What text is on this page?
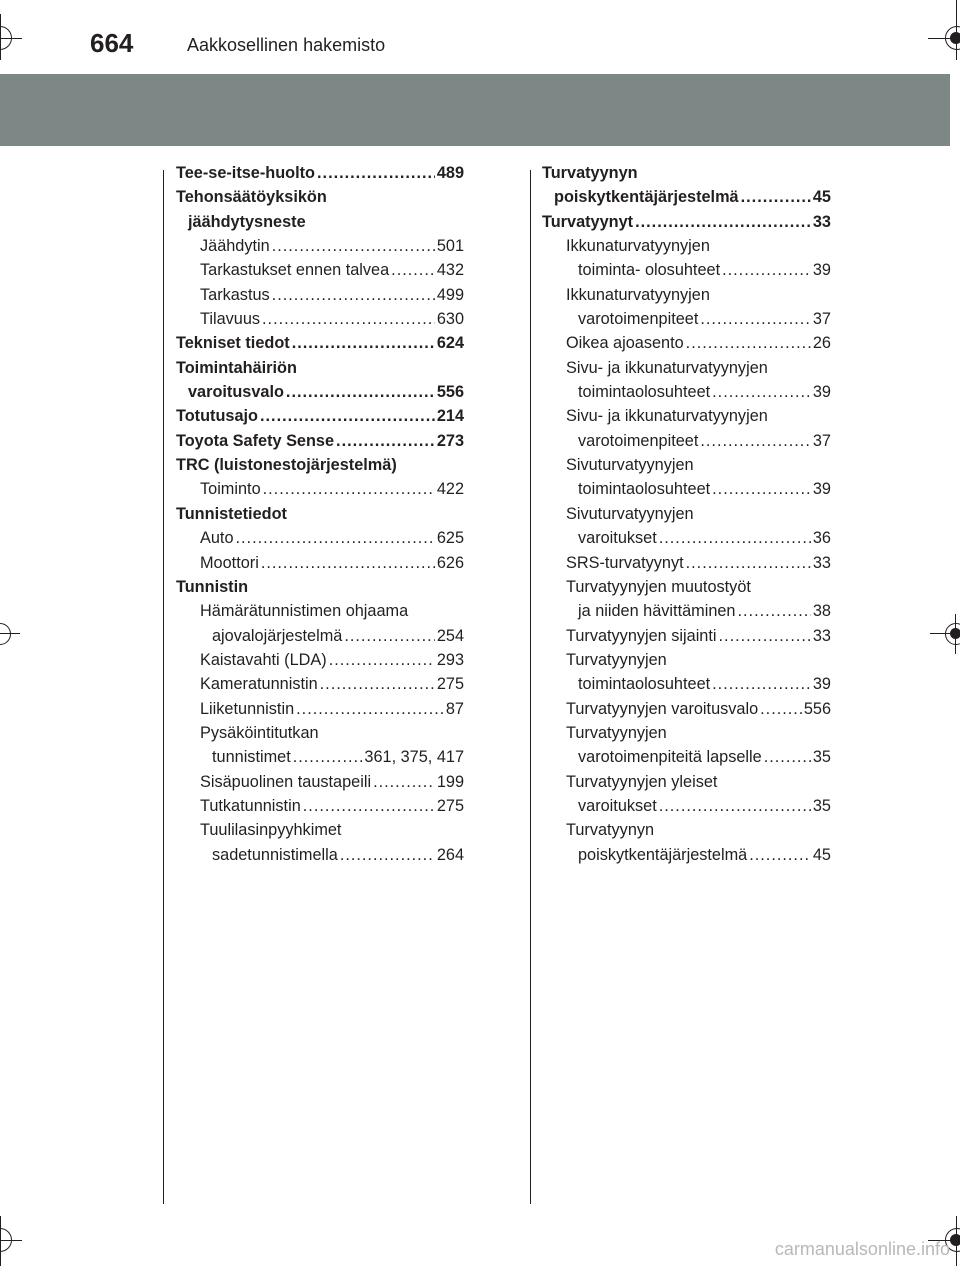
664	Aakkosellinen hakemisto
Tee-se-itse-huolto .....	489
Tehonsäätöyksikön
jäähdytysneste
Jäähdytin .....	501
Tarkastukset ennen talvea .....	432
Tarkastus .....	499
Tilavuus .....	630
Tekniset tiedot .....	624
Toimintahäiriön
varoitusvalo .....	556
Totutusajo .....	214
Toyota Safety Sense .....	273
TRC (luistonestojärjestelmä)
Toiminto .....	422
Tunnistetiedot
Auto .....	625
Moottori .....	626
Tunnistin
Hämärätunnistimen ohjaama
ajovalojärjestelmä .....	254
Kaistavahti (LDA) .....	293
Kameratunnistin .....	275
Liiketunnistin .....	87
Pysäköintitutkan
tunnistimet .....	361, 375, 417
Sisäpuolinen taustapeili .....	199
Tutkatunnistin .....	275
Tuulilasinpyyhkimet
sadetunnistimella .....	264
Turvatyynyn
poiskytkentäjärjestelmä .....	45
Turvatyynyt .....	33
Ikkunaturvatyynyjen
toiminta- olosuhteet .....	39
Ikkunaturvatyynyjen
varotoimenpiteet .....	37
Oikea ajoasento .....	26
Sivu- ja ikkunaturvatyynyjen
toimintaolosuhteet .....	39
Sivu- ja ikkunaturvatyynyjen
varotoimenpiteet .....	37
Sivuturvatyynyjen
toimintaolosuhteet .....	39
Sivuturvatyynyjen
varoitukset .....	36
SRS-turvatyynyt .....	33
Turvatyynyjen muutostyöt
ja niiden hävittäminen .....	38
Turvatyynyjen sijainti .....	33
Turvatyynyjen
toimintaolosuhteet .....	39
Turvatyynyjen varoitusvalo .....	556
Turvatyynyjen
varotoimenpiteitä lapselle .....	35
Turvatyynyjen yleiset
varoitukset .....	35
Turvatyynyn
poiskytkentäjärjestelmä .....	45
carmanualsonline.info
